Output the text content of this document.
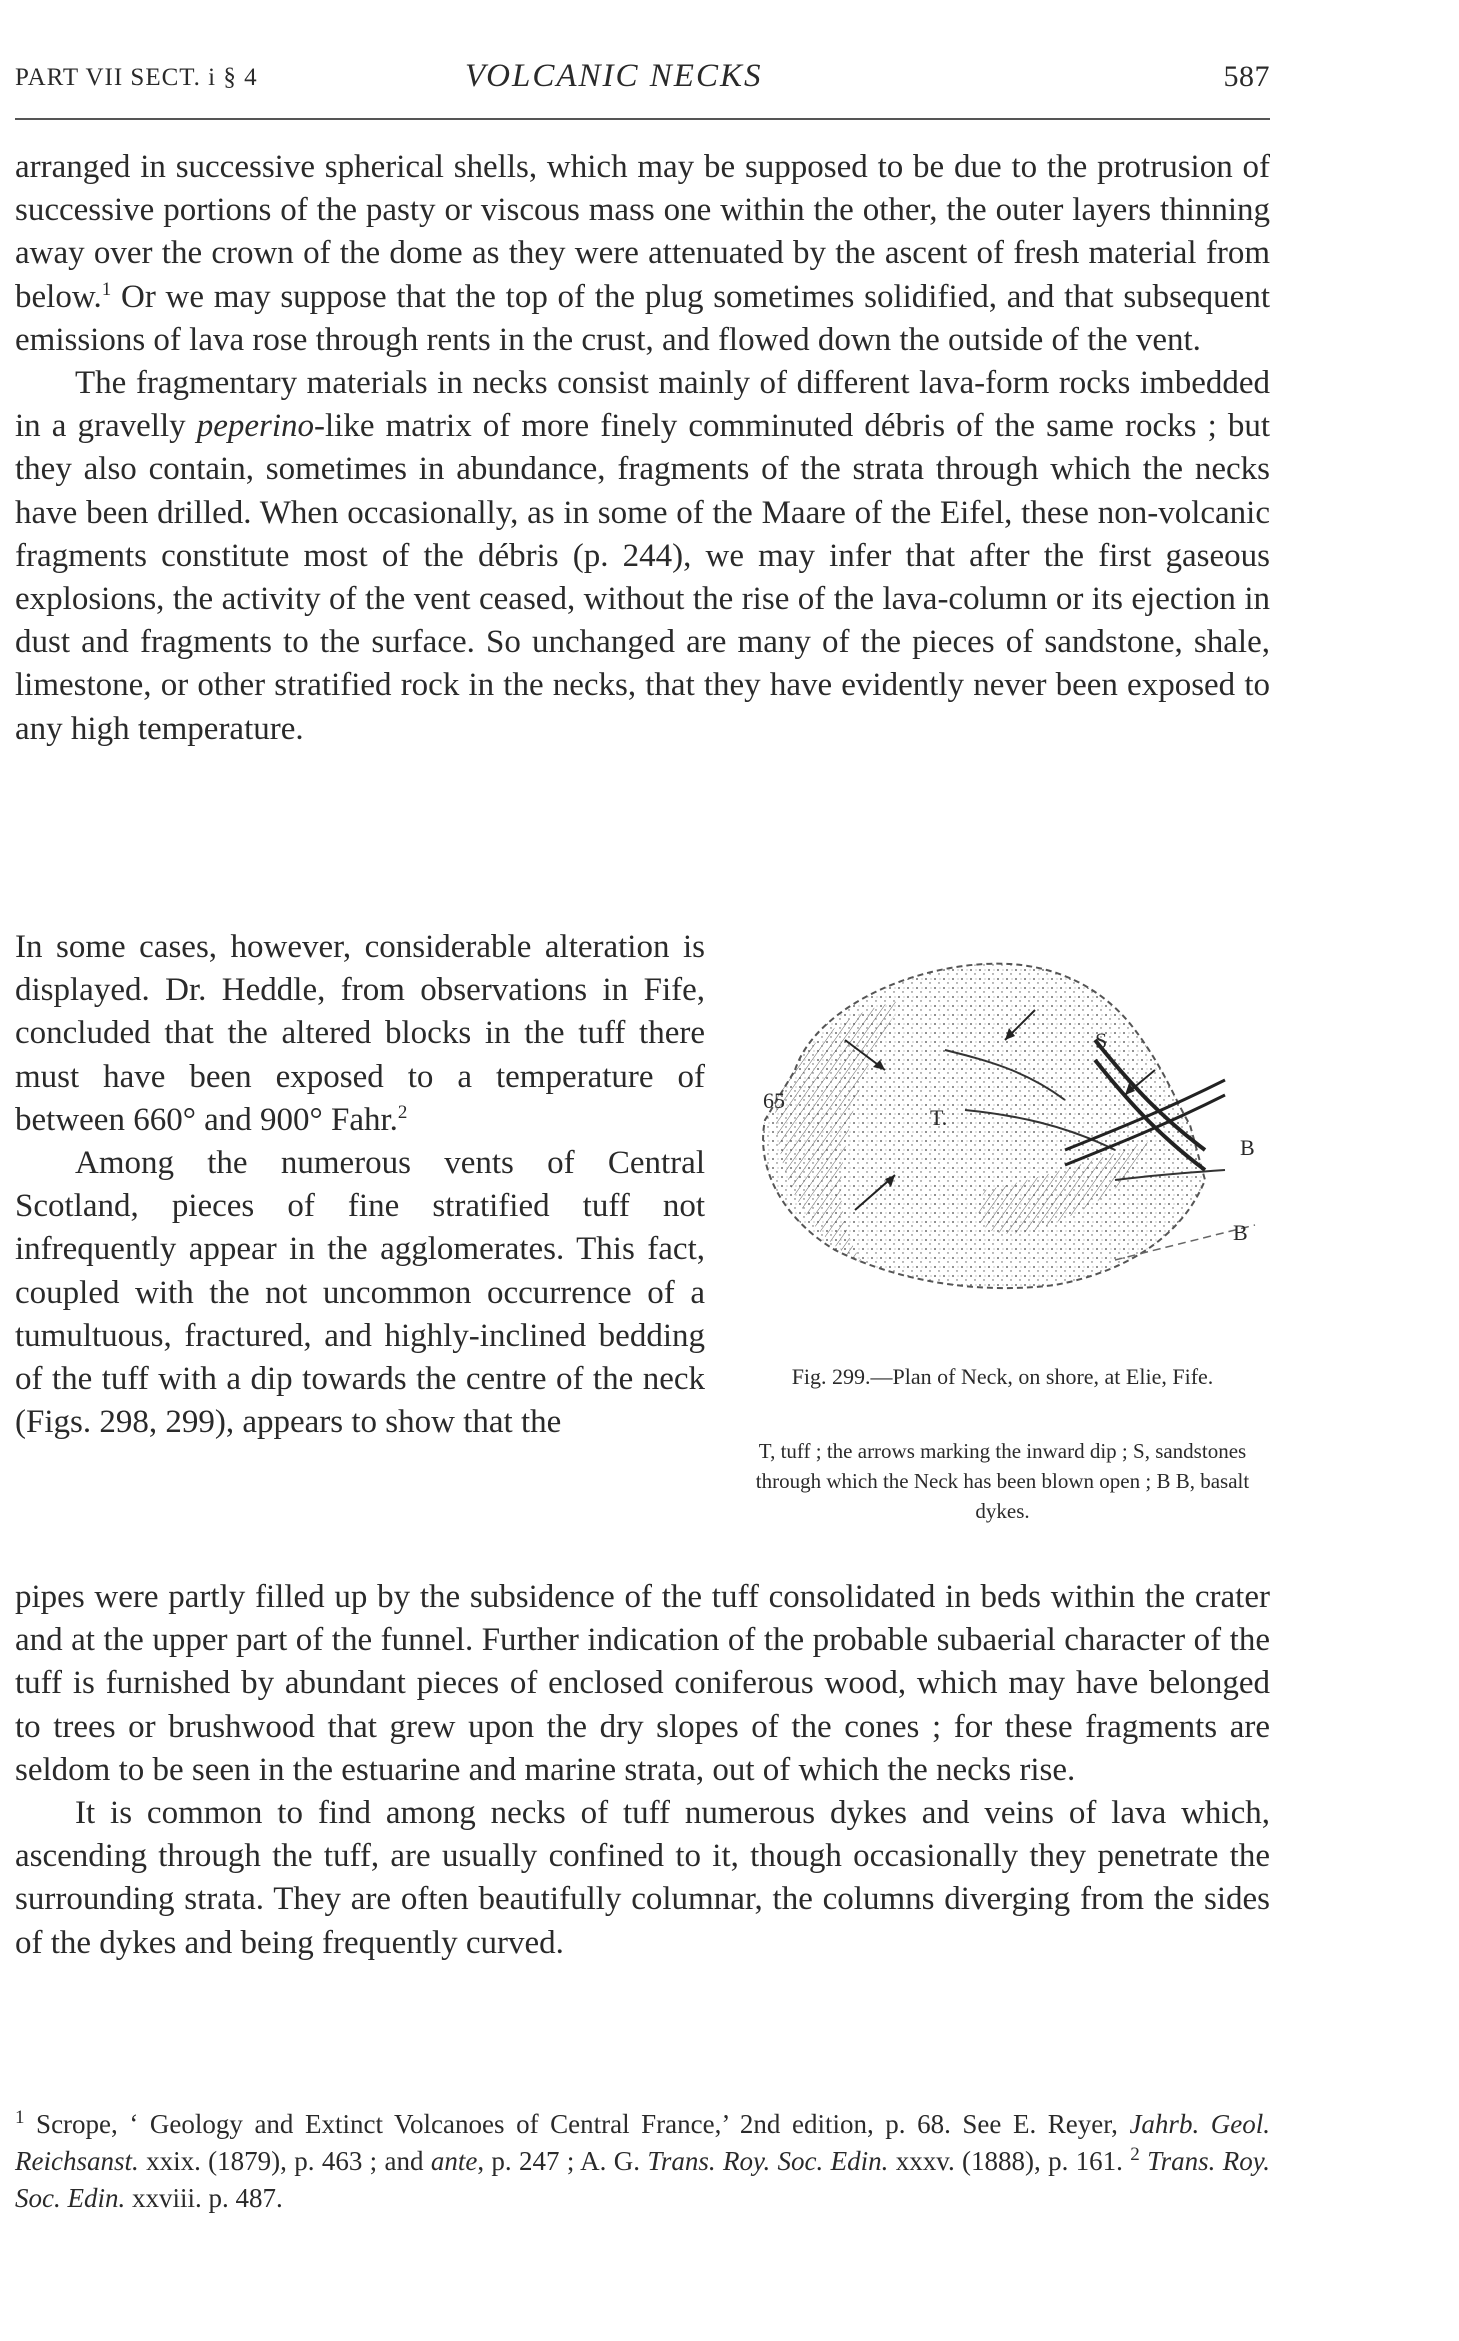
PART VII SECT. i § 4	VOLCANIC NECKS	587

arranged in successive spherical shells, which may be supposed to be due to the protrusion of successive portions of the pasty or viscous mass one within the other, the outer layers thinning away over the crown of the dome as they were attenuated by the ascent of fresh material from below.$^1$ Or we may suppose that the top of the plug sometimes solidified, and that subsequent emissions of lava rose through rents in the crust, and flowed down the outside of the vent.

The fragmentary materials in necks consist mainly of different lava-form rocks imbedded in a gravelly peperino-like matrix of more finely comminuted débris of the same rocks ; but they also contain, sometimes in abundance, fragments of the strata through which the necks have been drilled. When occasionally, as in some of the Maare of the Eifel, these non-volcanic fragments constitute most of the débris (p. 244), we may infer that after the first gaseous explosions, the activity of the vent ceased, without the rise of the lava-column or its ejection in dust and fragments to the surface. So unchanged are many of the pieces of sandstone, shale, limestone, or other stratified rock in the necks, that they have evidently never been exposed to any high temperature.

In some cases, however, considerable alteration is displayed. Dr. Heddle, from observations in Fife, concluded that the altered blocks in the tuff there must have been exposed to a temperature of between 660° and 900° Fahr.$^2$

Among the numerous vents of Central Scotland, pieces of fine stratified tuff not infrequently appear in the agglomerates. This fact, coupled with the not uncommon occurrence of a tumultuous, fractured, and highly-inclined bedding of the tuff with a dip towards the centre of the neck (Figs. 298, 299), appears to show that the

65
T.
S
B
B
Fig. 299.—Plan of Neck, on shore, at Elie, Fife.
T, tuff ; the arrows marking the inward dip ; S, sandstones through which the Neck has been blown open ; B B, basalt dykes.

pipes were partly filled up by the subsidence of the tuff consolidated in beds within the crater and at the upper part of the funnel. Further indication of the probable subaerial character of the tuff is furnished by abundant pieces of enclosed coniferous wood, which may have belonged to trees or brushwood that grew upon the dry slopes of the cones ; for these fragments are seldom to be seen in the estuarine and marine strata, out of which the necks rise.

It is common to find among necks of tuff numerous dykes and veins of lava which, ascending through the tuff, are usually confined to it, though occasionally they penetrate the surrounding strata. They are often beautifully columnar, the columns diverging from the sides of the dykes and being frequently curved.

$^1$ Scrope, ‘ Geology and Extinct Volcanoes of Central France,’ 2nd edition, p. 68. See E. Reyer, Jahrb. Geol. Reichsanst. xxix. (1879), p. 463 ; and ante, p. 247 ; A. G. Trans. Roy. Soc. Edin. xxxv. (1888), p. 161. $^2$ Trans. Roy. Soc. Edin. xxviii. p. 487.
